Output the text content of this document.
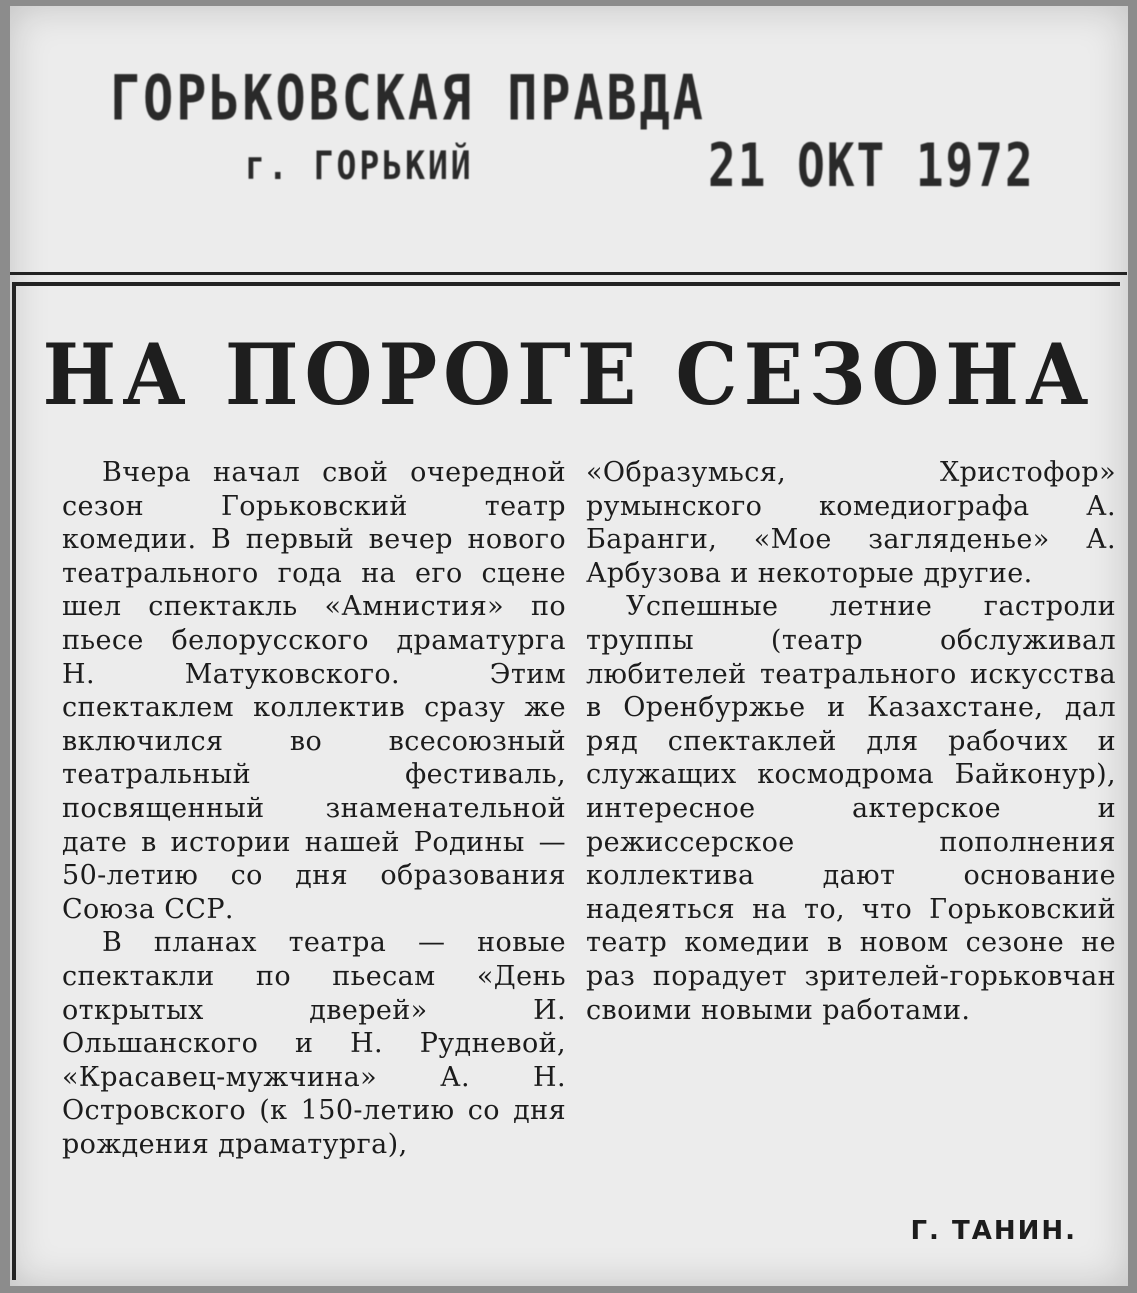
ГОРЬКОВСКАЯ ПРАВДА
г. ГОРЬКИЙ	21 ОКТ 1972
НА ПОРОГЕ СЕЗОНА

Вчера начал свой очередной сезон Горьковский театр комедии. В первый вечер нового театрального года на его сцене шел спектакль «Амнистия» по пьесе белорусского драматурга Н. Матуковского. Этим спектаклем коллектив сразу же включился во всесоюзный театральный фестиваль, посвященный знаменательной дате в истории нашей Родины — 50-летию со дня образования Союза ССР.

В планах театра — новые спектакли по пьесам «День открытых дверей» И. Ольшанского и Н. Рудневой, «Красавец-мужчина» А. Н. Островского (к 150-летию со дня рождения драматурга),

«Образумься, Христофор» румынского комедиографа А. Баранги, «Мое загляденье» А. Арбузова и некоторые другие.

Успешные летние гастроли труппы (театр обслуживал любителей театрального искусства в Оренбуржье и Казахстане, дал ряд спектаклей для рабочих и служащих космодрома Байконур), интересное актерское и режиссерское пополнения коллектива дают основание надеяться на то, что Горьковский театр комедии в новом сезоне не раз порадует зрителей-горьковчан своими новыми работами.

Г. ТАНИН.
